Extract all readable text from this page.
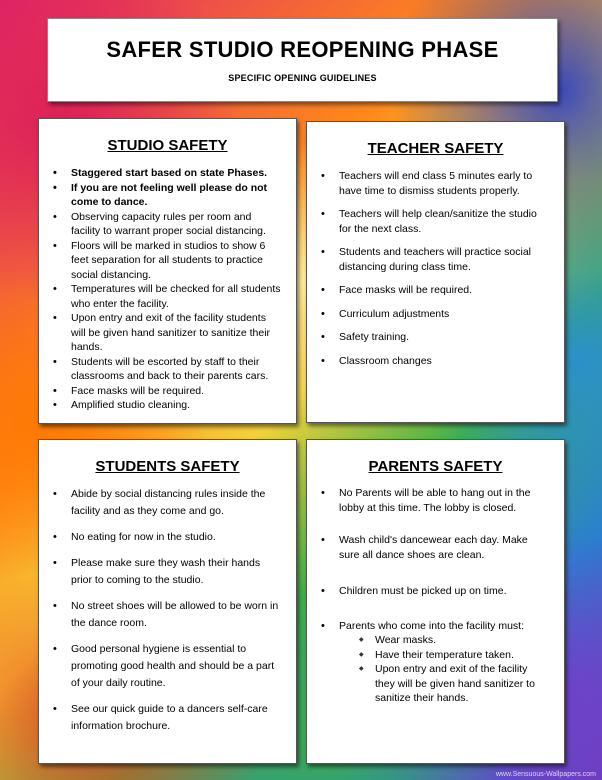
SAFER STUDIO REOPENING PHASE
SPECIFIC OPENING GUIDELINES
STUDIO SAFETY
• Staggered start based on state Phases.
• If you are not feeling well please do not come to dance.
• Observing capacity rules per room and facility to warrant proper social distancing.
• Floors will be marked in studios to show 6 feet separation for all students to practice social distancing.
• Temperatures will be checked for all students who enter the facility.
• Upon entry and exit of the facility students will be given hand sanitizer to sanitize their hands.
• Students will be escorted by staff to their classrooms and back to their parents cars.
• Face masks will be required.
• Amplified studio cleaning.
TEACHER SAFETY
• Teachers will end class 5 minutes early to have time to dismiss students properly.
• Teachers will help clean/sanitize the studio for the next class.
• Students and teachers will practice social distancing during class time.
• Face masks will be required.
• Curriculum adjustments
• Safety training.
• Classroom changes
STUDENTS SAFETY
• Abide by social distancing rules inside the facility and as they come and go.
• No eating for now in the studio.
• Please make sure they wash their hands prior to coming to the studio.
• No street shoes will be allowed to be worn in the dance room.
• Good personal hygiene is essential to promoting good health and should be a part of your daily routine.
• See our quick guide to a dancers self-care information brochure.
PARENTS SAFETY
• No Parents will be able to hang out in the lobby at this time. The lobby is closed.
• Wash child's dancewear each day. Make sure all dance shoes are clean.
• Children must be picked up on time.
• Parents who come into the facility must:
◆ Wear masks.
◆ Have their temperature taken.
◆ Upon entry and exit of the facility they will be given hand sanitizer to sanitize their hands.
www.Sensuous-Wallpapers.com
